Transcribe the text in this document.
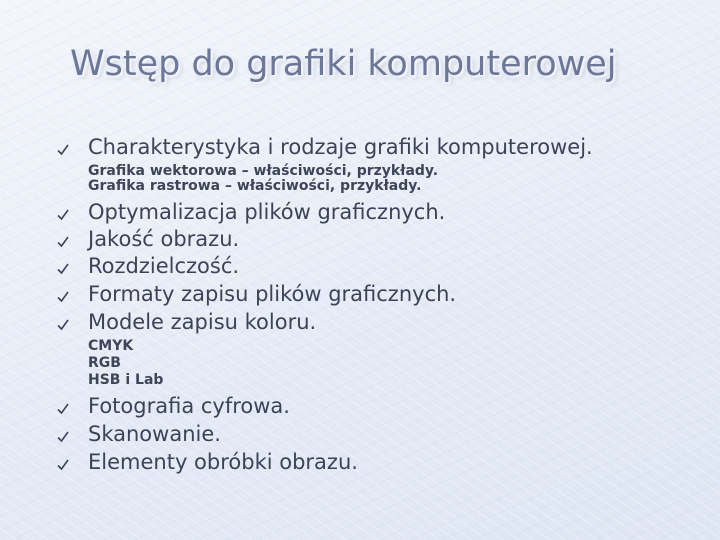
Wstęp do grafiki komputerowej
Charakterystyka i rodzaje grafiki komputerowej.
Grafika wektorowa – właściwości, przykłady.
Grafika rastrowa – właściwości, przykłady.
Optymalizacja plików graficznych.
Jakość obrazu.
Rozdzielczość.
Formaty zapisu plików graficznych.
Modele zapisu koloru.
CMYK
RGB
HSB i Lab
Fotografia cyfrowa.
Skanowanie.
Elementy obróbki obrazu.
